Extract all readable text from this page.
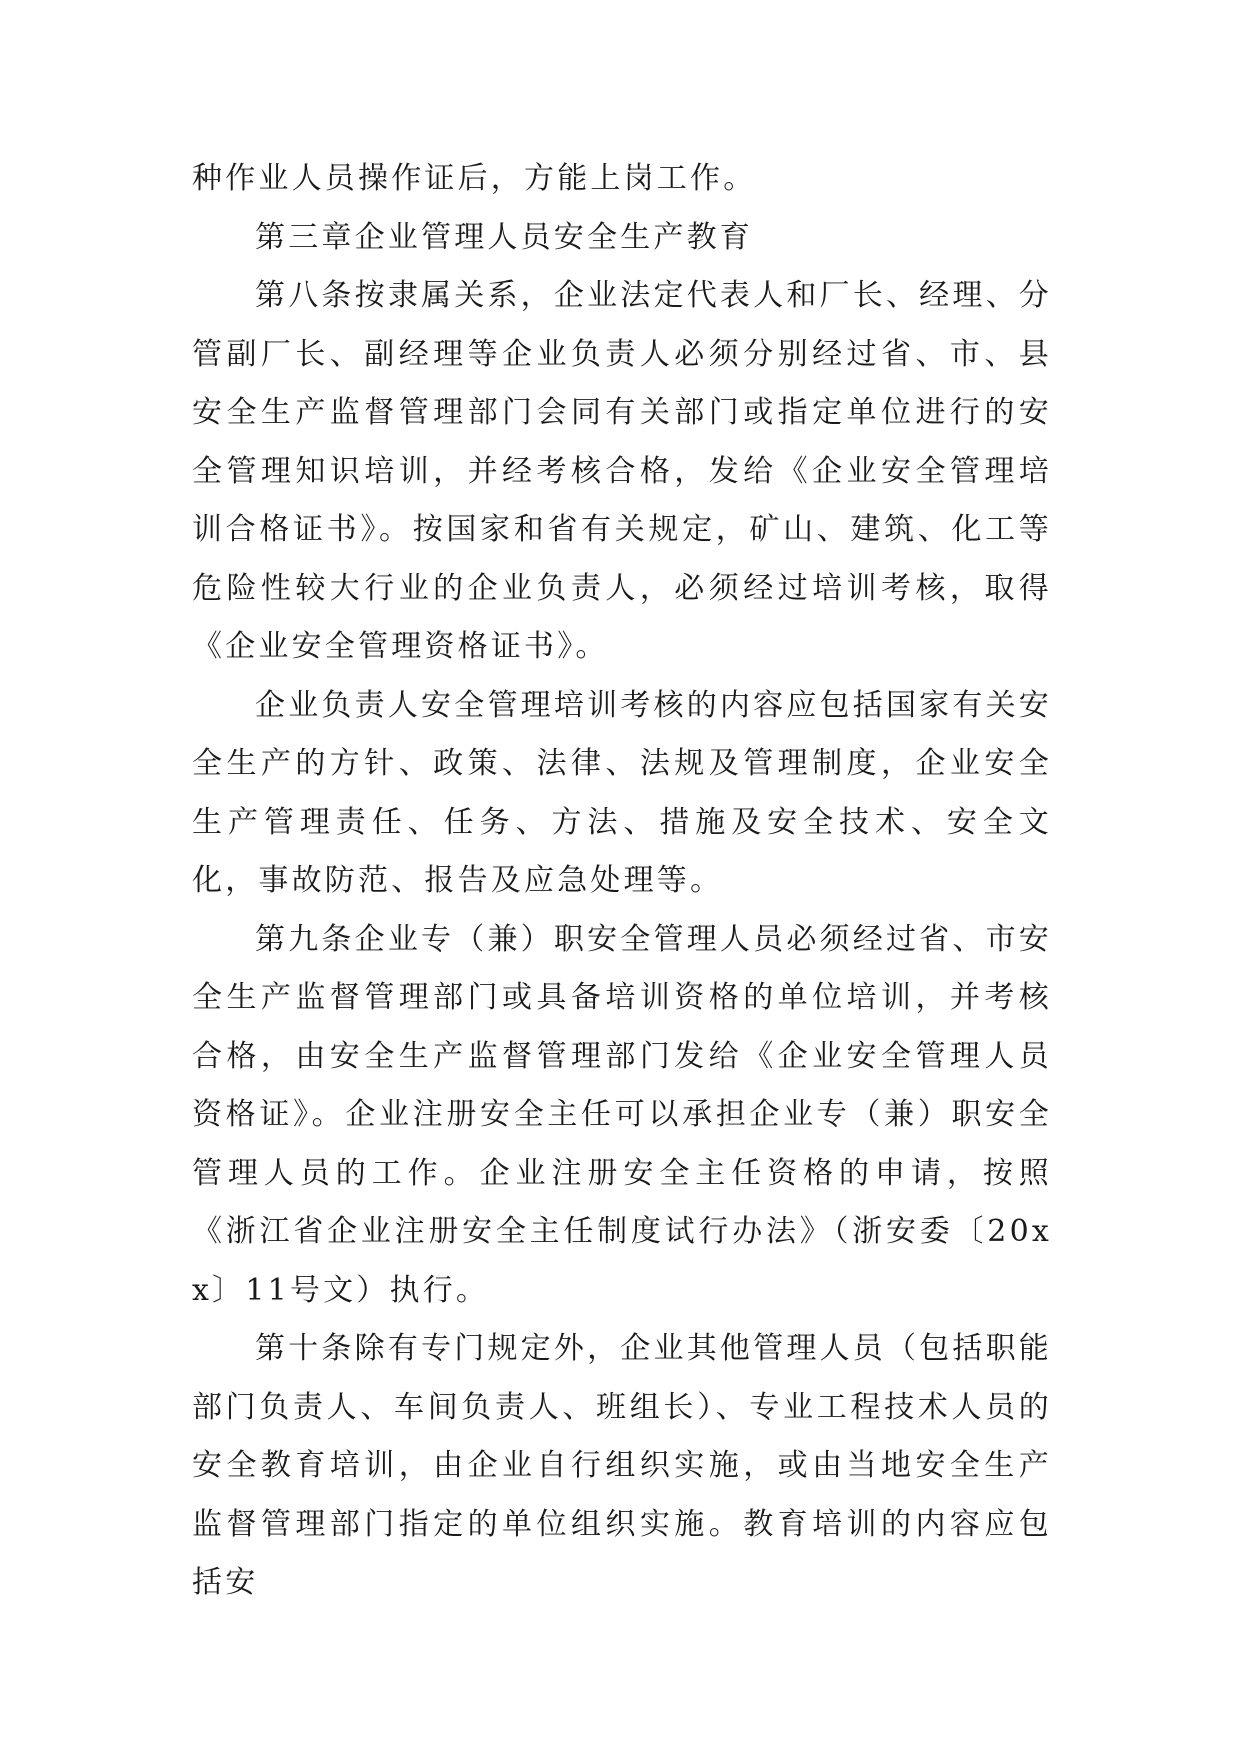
种作业人员操作证后，方能上岗工作。

第三章企业管理人员安全生产教育

第八条按隶属关系，企业法定代表人和厂长、经理、分管副厂长、副经理等企业负责人必须分别经过省、市、县安全生产监督管理部门会同有关部门或指定单位进行的安全管理知识培训，并经考核合格，发给《企业安全管理培训合格证书》。按国家和省有关规定，矿山、建筑、化工等危险性较大行业的企业负责人，必须经过培训考核，取得《企业安全管理资格证书》。

企业负责人安全管理培训考核的内容应包括国家有关安全生产的方针、政策、法律、法规及管理制度，企业安全生产管理责任、任务、方法、措施及安全技术、安全文化，事故防范、报告及应急处理等。

第九条企业专（兼）职安全管理人员必须经过省、市安全生产监督管理部门或具备培训资格的单位培训，并考核合格，由安全生产监督管理部门发给《企业安全管理人员资格证》。企业注册安全主任可以承担企业专（兼）职安全管理人员的工作。企业注册安全主任资格的申请，按照《浙江省企业注册安全主任制度试行办法》（浙安委〔20xx〕11号文）执行。

第十条除有专门规定外，企业其他管理人员（包括职能部门负责人、车间负责人、班组长）、专业工程技术人员的安全教育培训，由企业自行组织实施，或由当地安全生产监督管理部门指定的单位组织实施。教育培训的内容应包括安
